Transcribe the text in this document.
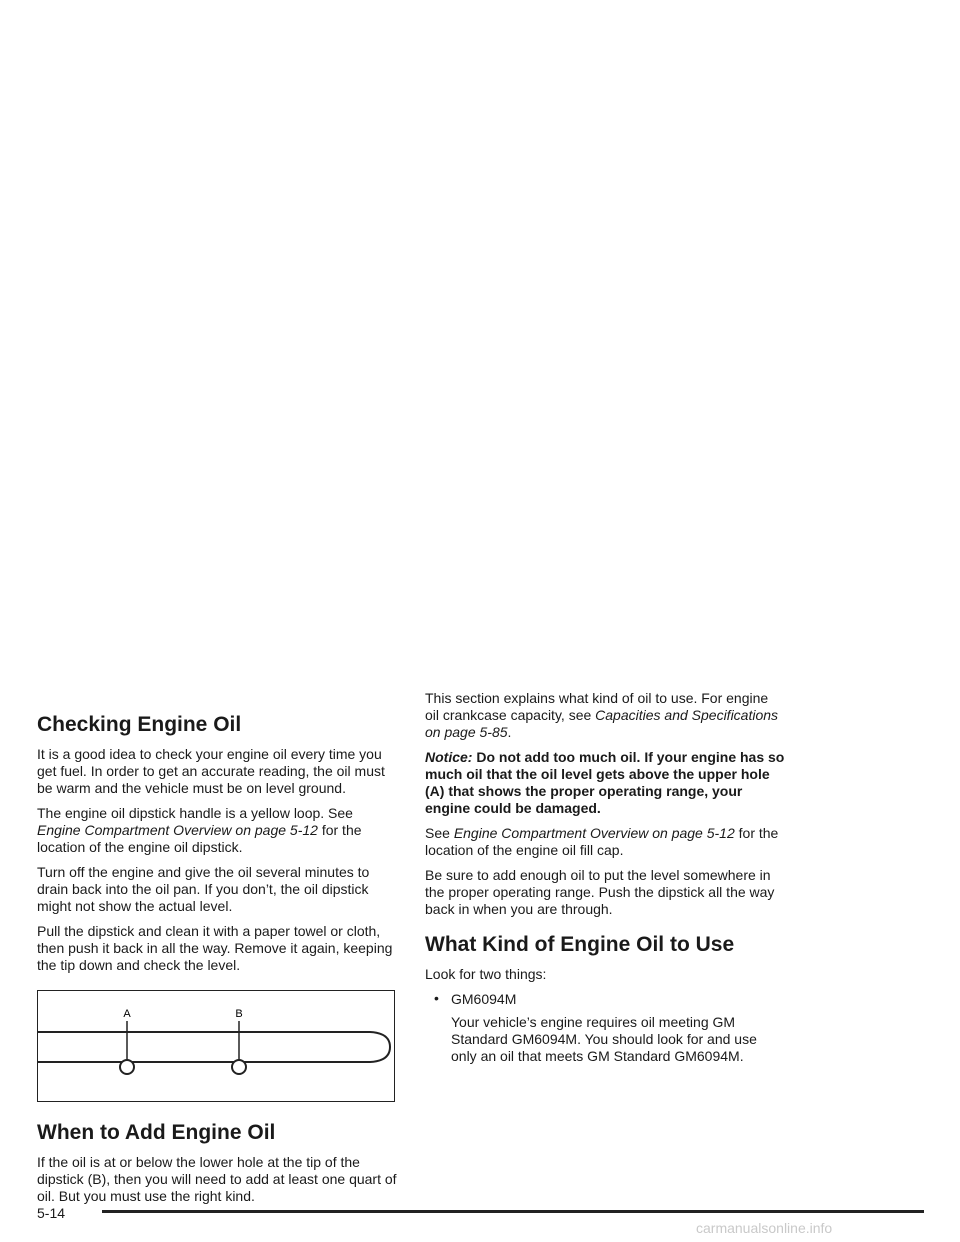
Checking Engine Oil

It is a good idea to check your engine oil every time you get fuel. In order to get an accurate reading, the oil must be warm and the vehicle must be on level ground.

The engine oil dipstick handle is a yellow loop. See Engine Compartment Overview on page 5-12 for the location of the engine oil dipstick.

Turn off the engine and give the oil several minutes to drain back into the oil pan. If you don’t, the oil dipstick might not show the actual level.

Pull the dipstick and clean it with a paper towel or cloth, then push it back in all the way. Remove it again, keeping the tip down and check the level.

A	B
When to Add Engine Oil

If the oil is at or below the lower hole at the tip of the dipstick (B), then you will need to add at least one quart of oil. But you must use the right kind.

This section explains what kind of oil to use. For engine oil crankcase capacity, see Capacities and Specifications on page 5-85.

Notice: Do not add too much oil. If your engine has so much oil that the oil level gets above the upper hole (A) that shows the proper operating range, your engine could be damaged.

See Engine Compartment Overview on page 5-12 for the location of the engine oil fill cap.

Be sure to add enough oil to put the level somewhere in the proper operating range. Push the dipstick all the way back in when you are through.

What Kind of Engine Oil to Use

Look for two things:

• GM6094M

Your vehicle’s engine requires oil meeting GM Standard GM6094M. You should look for and use only an oil that meets GM Standard GM6094M.

5-14
carmanualsonline.info
